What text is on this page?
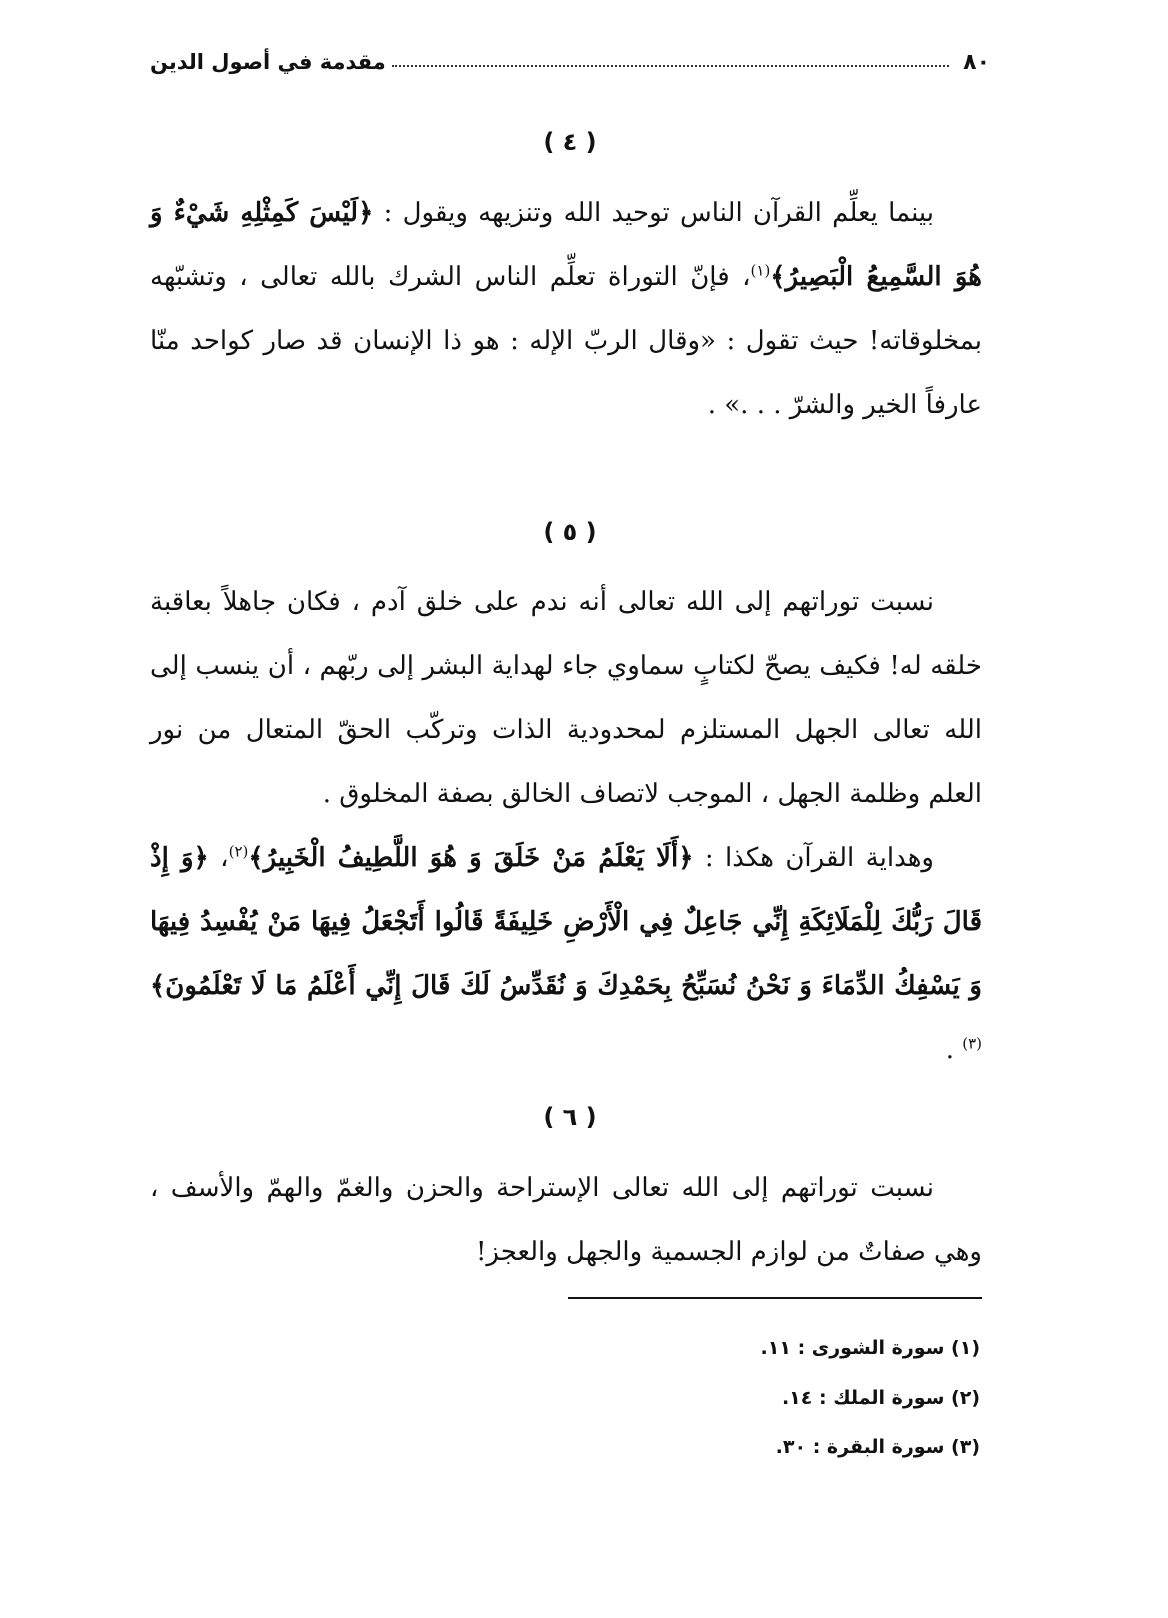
٨٠
مقدمة في أصول الدين
( ٤ )
بينما يعلِّم القرآن الناس توحيد الله وتنزيهه ويقول : ﴿لَيْسَ كَمِثْلِهِ شَيْءٌ وَ هُوَ السَّمِيعُ الْبَصِيرُ﴾$^{(١)}$، فإنّ التوراة تعلِّم الناس الشرك بالله تعالى ، وتشبّهه بمخلوقاته! حيث تقول : «وقال الربّ الإله : هو ذا الإنسان قد صار كواحد منّا عارفاً الخير والشرّ . . .» .
( ٥ )
نسبت توراتهم إلى الله تعالى أنه ندم على خلق آدم ، فكان جاهلاً بعاقبة خلقه له! فكيف يصحّ لكتابٍ سماوي جاء لهداية البشر إلى ربّهم ، أن ينسب إلى الله تعالى الجهل المستلزم لمحدودية الذات وتركّب الحقّ المتعال من نور العلم وظلمة الجهل ، الموجب لاتصاف الخالق بصفة المخلوق .
وهداية القرآن هكذا : ﴿أَلَا يَعْلَمُ مَنْ خَلَقَ وَ هُوَ اللَّطِيفُ الْخَبِيرُ﴾$^{(٢)}$، ﴿وَ إِذْ قَالَ رَبُّكَ لِلْمَلَائِكَةِ إِنِّي جَاعِلٌ فِي الْأَرْضِ خَلِيفَةً قَالُوا أَتَجْعَلُ فِيهَا مَنْ يُفْسِدُ فِيهَا وَ يَسْفِكُ الدِّمَاءَ وَ نَحْنُ نُسَبِّحُ بِحَمْدِكَ وَ نُقَدِّسُ لَكَ قَالَ إِنِّي أَعْلَمُ مَا لَا تَعْلَمُونَ﴾$^{(٣)}$ .
( ٦ )
نسبت توراتهم إلى الله تعالى الإستراحة والحزن والغمّ والهمّ والأسف ، وهي صفاتٌ من لوازم الجسمية والجهل والعجز!
(١) سورة الشورى : ١١.
(٢) سورة الملك : ١٤.
(٣) سورة البقرة : ٣٠.
